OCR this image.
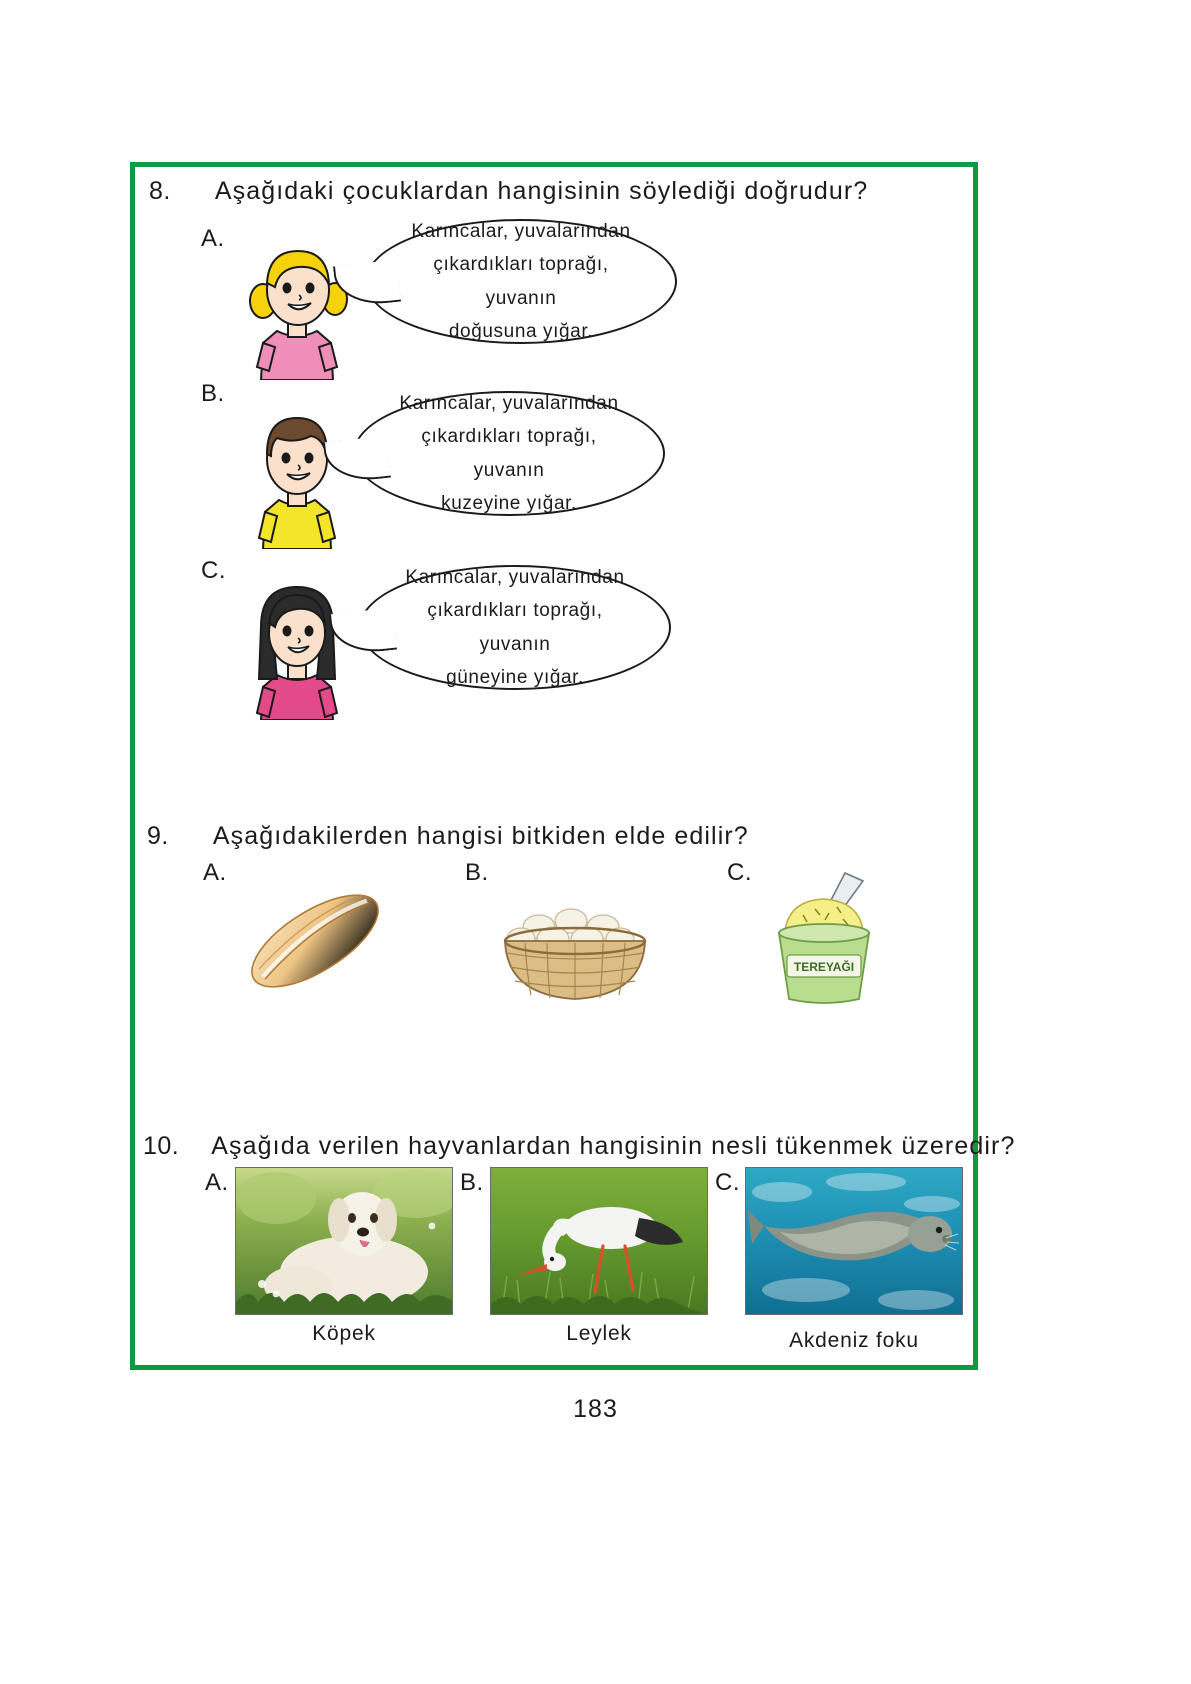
8. Aşağıdaki çocuklardan hangisinin söylediği doğrudur?
A.	Karıncalar, yuvalarından
çıkardıkları toprağı, yuvanın
doğusuna yığar.
B.	Karıncalar, yuvalarından
çıkardıkları toprağı, yuvanın
kuzeyine yığar.
C.	Karıncalar, yuvalarından
çıkardıkları toprağı, yuvanın
güneyine yığar.
9. Aşağıdakilerden hangisi bitkiden elde edilir?
A.	B.	C.
TEREYAĞI
10. Aşağıda verilen hayvanlardan hangisinin nesli tükenmek üzeredir?
A.	B.	C.
Köpek	Leylek	Akdeniz foku
183
